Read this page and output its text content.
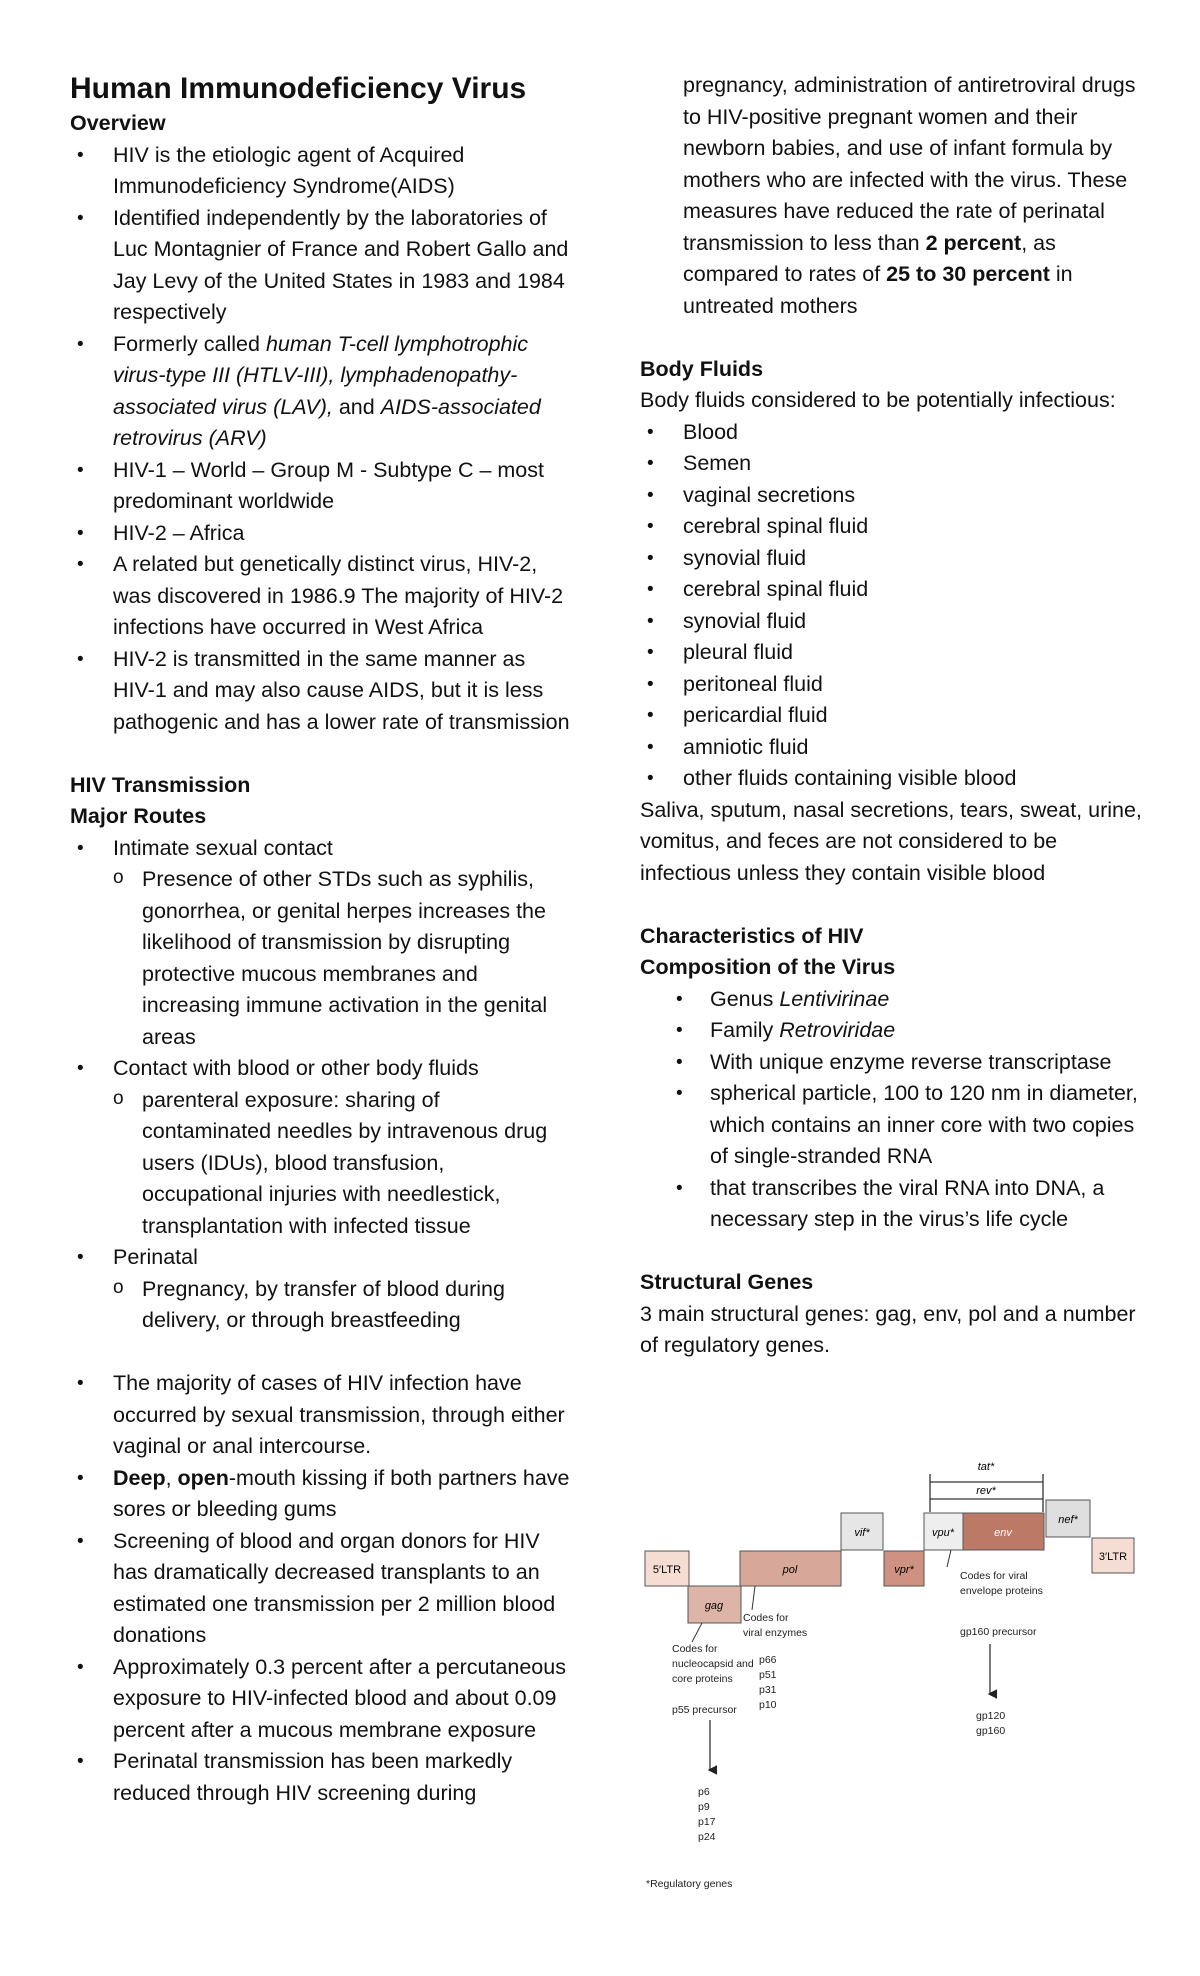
Human Immunodeficiency Virus
Overview
• HIV is the etiologic agent of Acquired Immunodeficiency Syndrome(AIDS)
• Identified independently by the laboratories of Luc Montagnier of France and Robert Gallo and Jay Levy of the United States in 1983 and 1984 respectively
• Formerly called human T-cell lymphotrophic virus-type III (HTLV-III), lymphadenopathy-associated virus (LAV), and AIDS-associated retrovirus (ARV)
• HIV-1 – World – Group M - Subtype C – most predominant worldwide
• HIV-2 – Africa
• A related but genetically distinct virus, HIV-2, was discovered in 1986.9 The majority of HIV-2 infections have occurred in West Africa
• HIV-2 is transmitted in the same manner as HIV-1 and may also cause AIDS, but it is less pathogenic and has a lower rate of transmission
HIV Transmission
Major Routes
• Intimate sexual contact
o Presence of other STDs such as syphilis, gonorrhea, or genital herpes increases the likelihood of transmission by disrupting protective mucous membranes and increasing immune activation in the genital areas
• Contact with blood or other body fluids
o parenteral exposure: sharing of contaminated needles by intravenous drug users (IDUs), blood transfusion, occupational injuries with needlestick, transplantation with infected tissue
• Perinatal
o Pregnancy, by transfer of blood during delivery, or through breastfeeding
• The majority of cases of HIV infection have occurred by sexual transmission, through either vaginal or anal intercourse.
• Deep, open-mouth kissing if both partners have sores or bleeding gums
• Screening of blood and organ donors for HIV has dramatically decreased transplants to an estimated one transmission per 2 million blood donations
• Approximately 0.3 percent after a percutaneous exposure to HIV-infected blood and about 0.09 percent after a mucous membrane exposure
• Perinatal transmission has been markedly reduced through HIV screening during

pregnancy, administration of antiretroviral drugs to HIV-positive pregnant women and their newborn babies, and use of infant formula by mothers who are infected with the virus. These measures have reduced the rate of perinatal transmission to less than 2 percent, as compared to rates of 25 to 30 percent in untreated mothers

Body Fluids

Body fluids considered to be potentially infectious:

• Blood
• Semen
• vaginal secretions
• cerebral spinal fluid
• synovial fluid
• cerebral spinal fluid
• synovial fluid
• pleural fluid
• peritoneal fluid
• pericardial fluid
• amniotic fluid
• other fluids containing visible blood

Saliva, sputum, nasal secretions, tears, sweat, urine, vomitus, and feces are not considered to be infectious unless they contain visible blood

Characteristics of HIV
Composition of the Virus
• Genus Lentivirinae
• Family Retroviridae
• With unique enzyme reverse transcriptase
• spherical particle, 100 to 120 nm in diameter, which contains an inner core with two copies of single-stranded RNA
• that transcribes the viral RNA into DNA, a necessary step in the virus’s life cycle
Structural Genes

3 main structural genes: gag, env, pol and a number of regulatory genes.

tat*
rev*
vif*	vpu*	env
nef*
5′LTR	pol	vpr*
3′LTR
gag
Codes for nucleocapsid and core proteins
p55 precursor
p6 p9 p17 p24
Codes for viral enzymes
p66 p51 p31 p10
Codes for viral envelope proteins
gp160 precursor
gp120 gp160
*Regulatory genes
